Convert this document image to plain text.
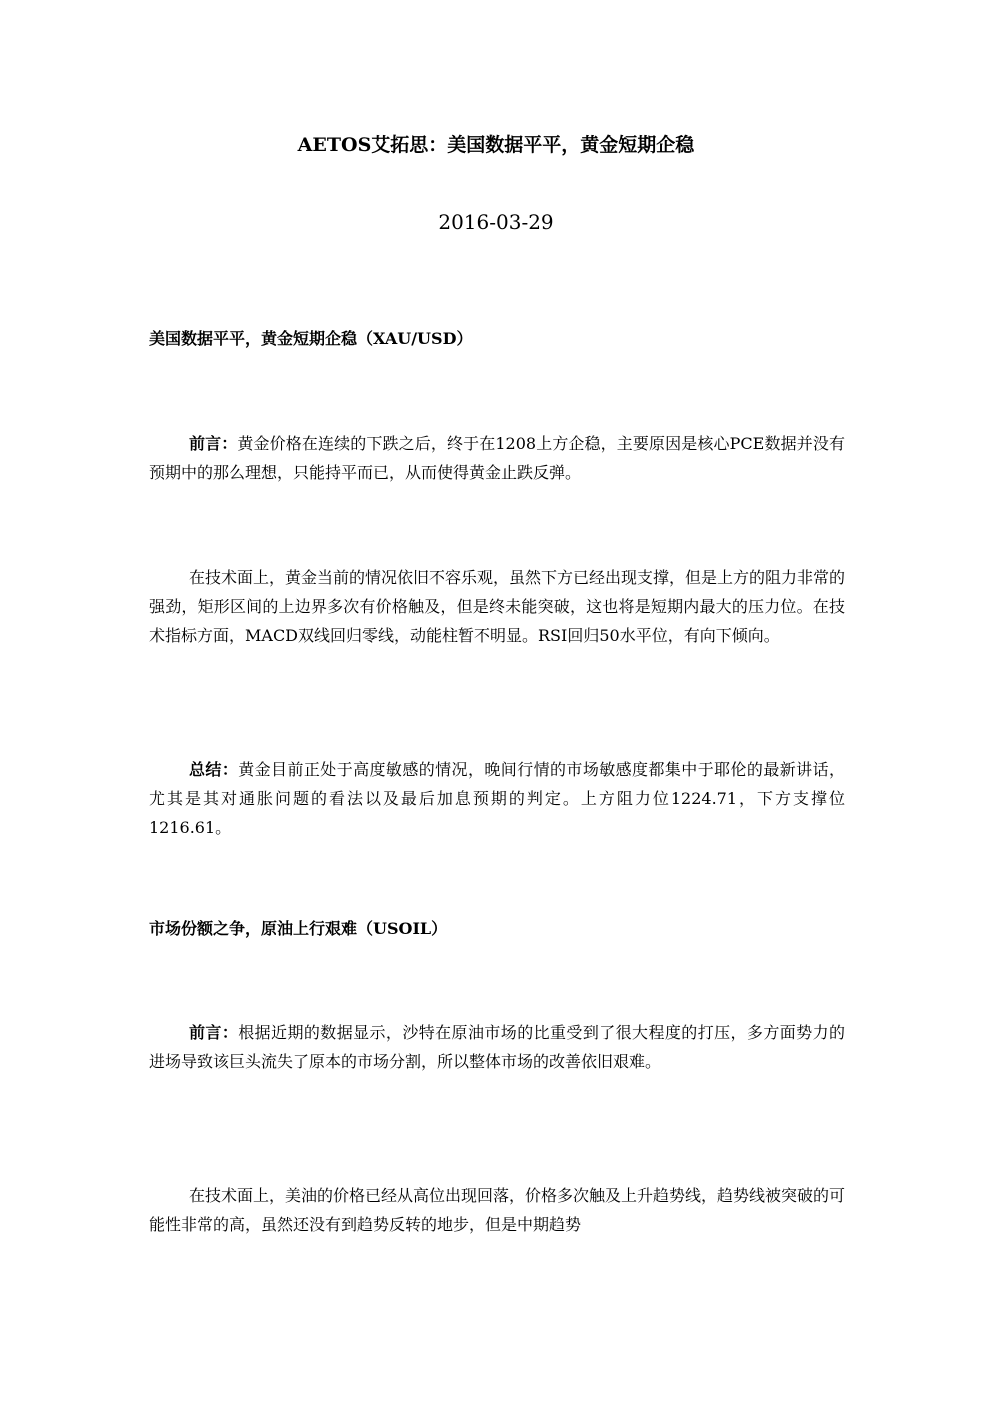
AETOS艾拓思：美国数据平平，黄金短期企稳
2016-03-29
美国数据平平，黄金短期企稳（XAU/USD）
前言：黄金价格在连续的下跌之后，终于在1208上方企稳，主要原因是核心PCE数据并没有预期中的那么理想，只能持平而已，从而使得黄金止跌反弹。
在技术面上，黄金当前的情况依旧不容乐观，虽然下方已经出现支撑，但是上方的阻力非常的强劲，矩形区间的上边界多次有价格触及，但是终未能突破，这也将是短期内最大的压力位。在技术指标方面，MACD双线回归零线，动能柱暂不明显。RSI回归50水平位，有向下倾向。
总结：黄金目前正处于高度敏感的情况，晚间行情的市场敏感度都集中于耶伦的最新讲话，尤其是其对通胀问题的看法以及最后加息预期的判定。上方阻力位1224.71，下方支撑位1216.61。
市场份额之争，原油上行艰难（USOIL）
前言：根据近期的数据显示，沙特在原油市场的比重受到了很大程度的打压，多方面势力的进场导致该巨头流失了原本的市场分割，所以整体市场的改善依旧艰难。
在技术面上，美油的价格已经从高位出现回落，价格多次触及上升趋势线，趋势线被突破的可能性非常的高，虽然还没有到趋势反转的地步，但是中期趋势
